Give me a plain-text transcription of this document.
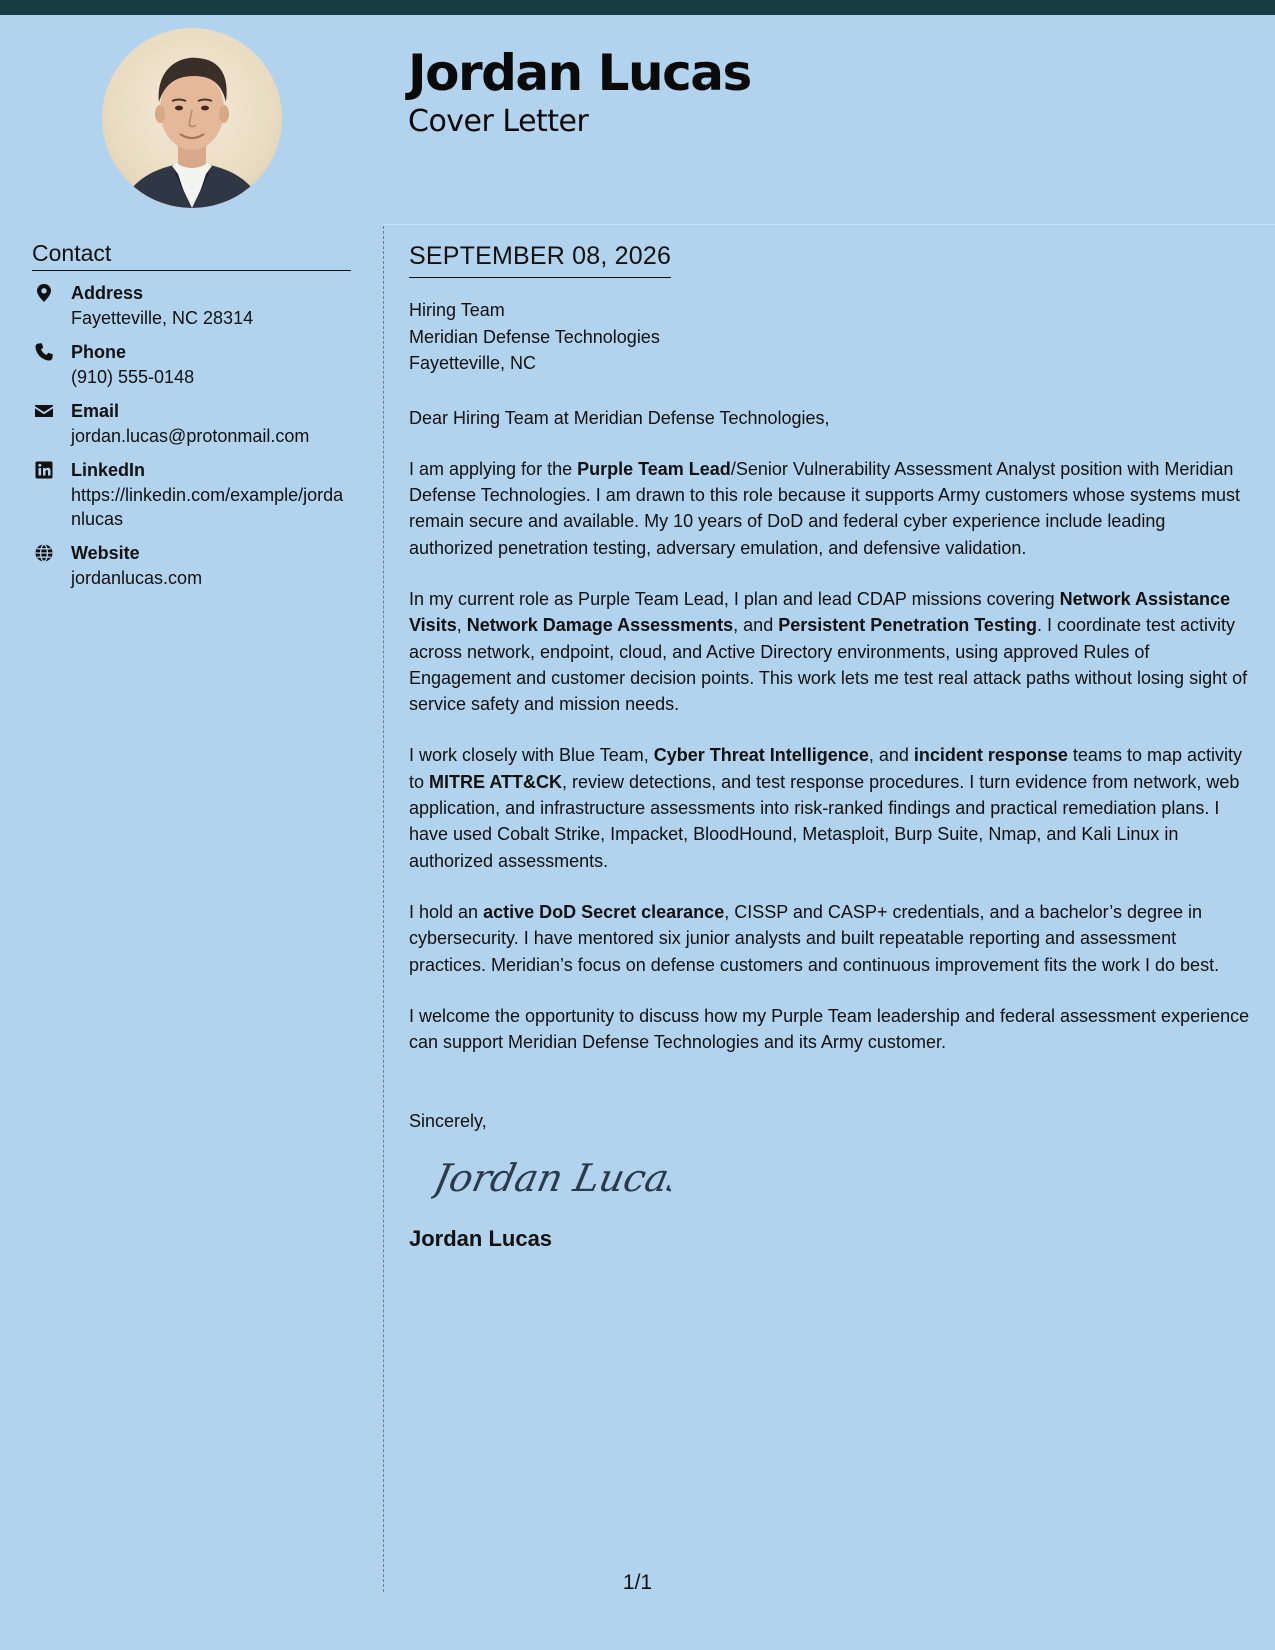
Jordan Lucas
Cover Letter
Contact
Address
Fayetteville, NC 28314
Phone
(910) 555-0148
Email
jordan.lucas@protonmail.com
LinkedIn
https://linkedin.com/example/jordanlucas
Website
jordanlucas.com
SEPTEMBER 08, 2026
Hiring Team
Meridian Defense Technologies
Fayetteville, NC
Dear Hiring Team at Meridian Defense Technologies,

I am applying for the Purple Team Lead/Senior Vulnerability Assessment Analyst position with Meridian Defense Technologies. I am drawn to this role because it supports Army customers whose systems must remain secure and available. My 10 years of DoD and federal cyber experience include leading authorized penetration testing, adversary emulation, and defensive validation.

In my current role as Purple Team Lead, I plan and lead CDAP missions covering Network Assistance Visits, Network Damage Assessments, and Persistent Penetration Testing. I coordinate test activity across network, endpoint, cloud, and Active Directory environments, using approved Rules of Engagement and customer decision points. This work lets me test real attack paths without losing sight of service safety and mission needs.

I work closely with Blue Team, Cyber Threat Intelligence, and incident response teams to map activity to MITRE ATT&CK, review detections, and test response procedures. I turn evidence from network, web application, and infrastructure assessments into risk-ranked findings and practical remediation plans. I have used Cobalt Strike, Impacket, BloodHound, Metasploit, Burp Suite, Nmap, and Kali Linux in authorized assessments.

I hold an active DoD Secret clearance, CISSP and CASP+ credentials, and a bachelor’s degree in cybersecurity. I have mentored six junior analysts and built repeatable reporting and assessment practices. Meridian’s focus on defense customers and continuous improvement fits the work I do best.

I welcome the opportunity to discuss how my Purple Team leadership and federal assessment experience can support Meridian Defense Technologies and its Army customer.

Sincerely,
Jordan Lucas
Jordan Lucas
1/1
